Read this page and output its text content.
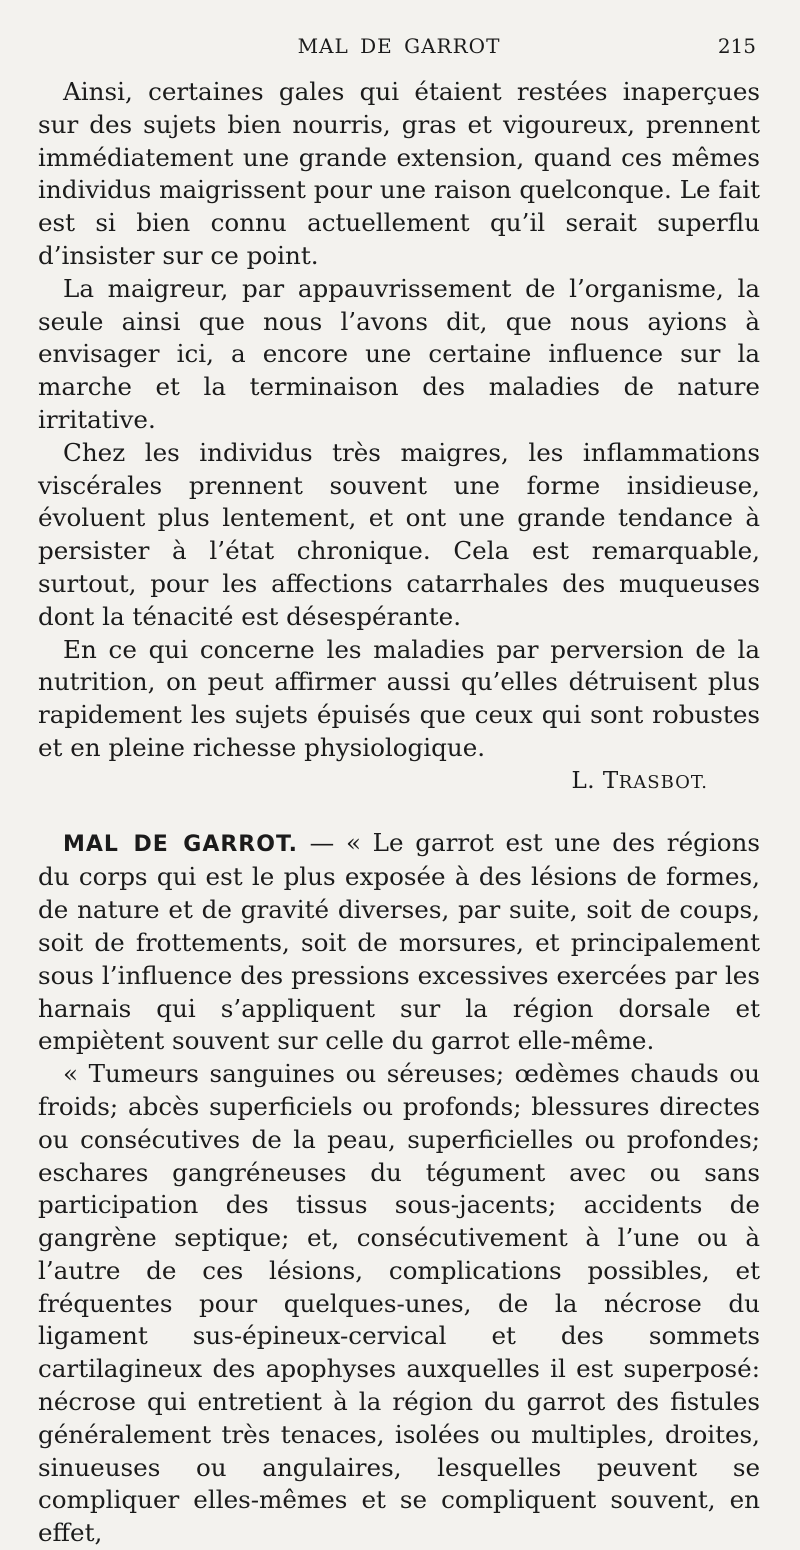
MAL DE GARROT	215

Ainsi, certaines gales qui étaient restées inaperçues sur des sujets bien nourris, gras et vigoureux, prennent immédiatement une grande extension, quand ces mêmes individus maigrissent pour une raison quelconque. Le fait est si bien connu actuellement qu’il serait superflu d’insister sur ce point.

La maigreur, par appauvrissement de l’organisme, la seule ainsi que nous l’avons dit, que nous ayions à envisager ici, a encore une certaine influence sur la marche et la terminaison des maladies de nature irritative.

Chez les individus très maigres, les inflammations viscérales prennent souvent une forme insidieuse, évoluent plus lentement, et ont une grande tendance à persister à l’état chronique. Cela est remarquable, surtout, pour les affections catarrhales des muqueuses dont la ténacité est désespérante.

En ce qui concerne les maladies par perversion de la nutrition, on peut affirmer aussi qu’elles détruisent plus rapidement les sujets épuisés que ceux qui sont robustes et en pleine richesse physiologique.

L. TRASBOT.

MAL DE GARROT. — « Le garrot est une des régions du corps qui est le plus exposée à des lésions de formes, de nature et de gravité diverses, par suite, soit de coups, soit de frottements, soit de morsures, et principalement sous l’influence des pressions excessives exercées par les harnais qui s’appliquent sur la région dorsale et empiètent souvent sur celle du garrot elle-même.

« Tumeurs sanguines ou séreuses; œdèmes chauds ou froids; abcès superficiels ou profonds; blessures directes ou consécutives de la peau, superficielles ou profondes; eschares gangréneuses du tégument avec ou sans participation des tissus sous-jacents; accidents de gangrène septique; et, consécutivement à l’une ou à l’autre de ces lésions, complications possibles, et fréquentes pour quelques-unes, de la nécrose du ligament sus-épineux-cervical et des sommets cartilagineux des apophyses auxquelles il est superposé: nécrose qui entretient à la région du garrot des fistules généralement très tenaces, isolées ou multiples, droites, sinueuses ou angulaires, lesquelles peuvent se compliquer elles-mêmes et se compliquent souvent, en effet,
